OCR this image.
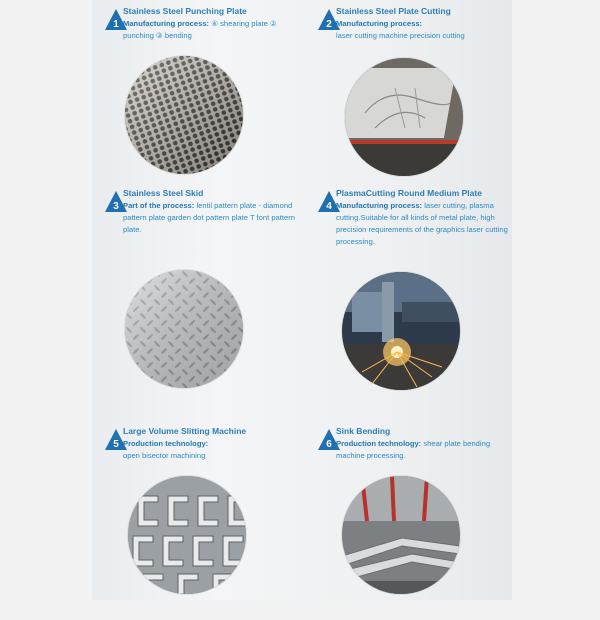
1
Stainless Steel Punching Plate
Manufacturing process: ④ shearing plate ② punching ③ bending
2
Stainless Steel Plate Cutting
Manufacturing process:
laser cutting machine precision cutting
3
Stainless Steel Skid
Part of the process: lentil pattern plate - diamond pattern plate garden dot pattern plate T font pattern plate.
4
PlasmaCutting Round Medium Plate
Manufacturing process: laser cutting, plasma cutting.Suitable for all kinds of metal plate, high precision requirements of the graphics laser cutting processing.
5
Large Volume Slitting Machine
Production technology:
open bisector machining
6
Sink Bending
Production technology: shear plate bending machine processing.
